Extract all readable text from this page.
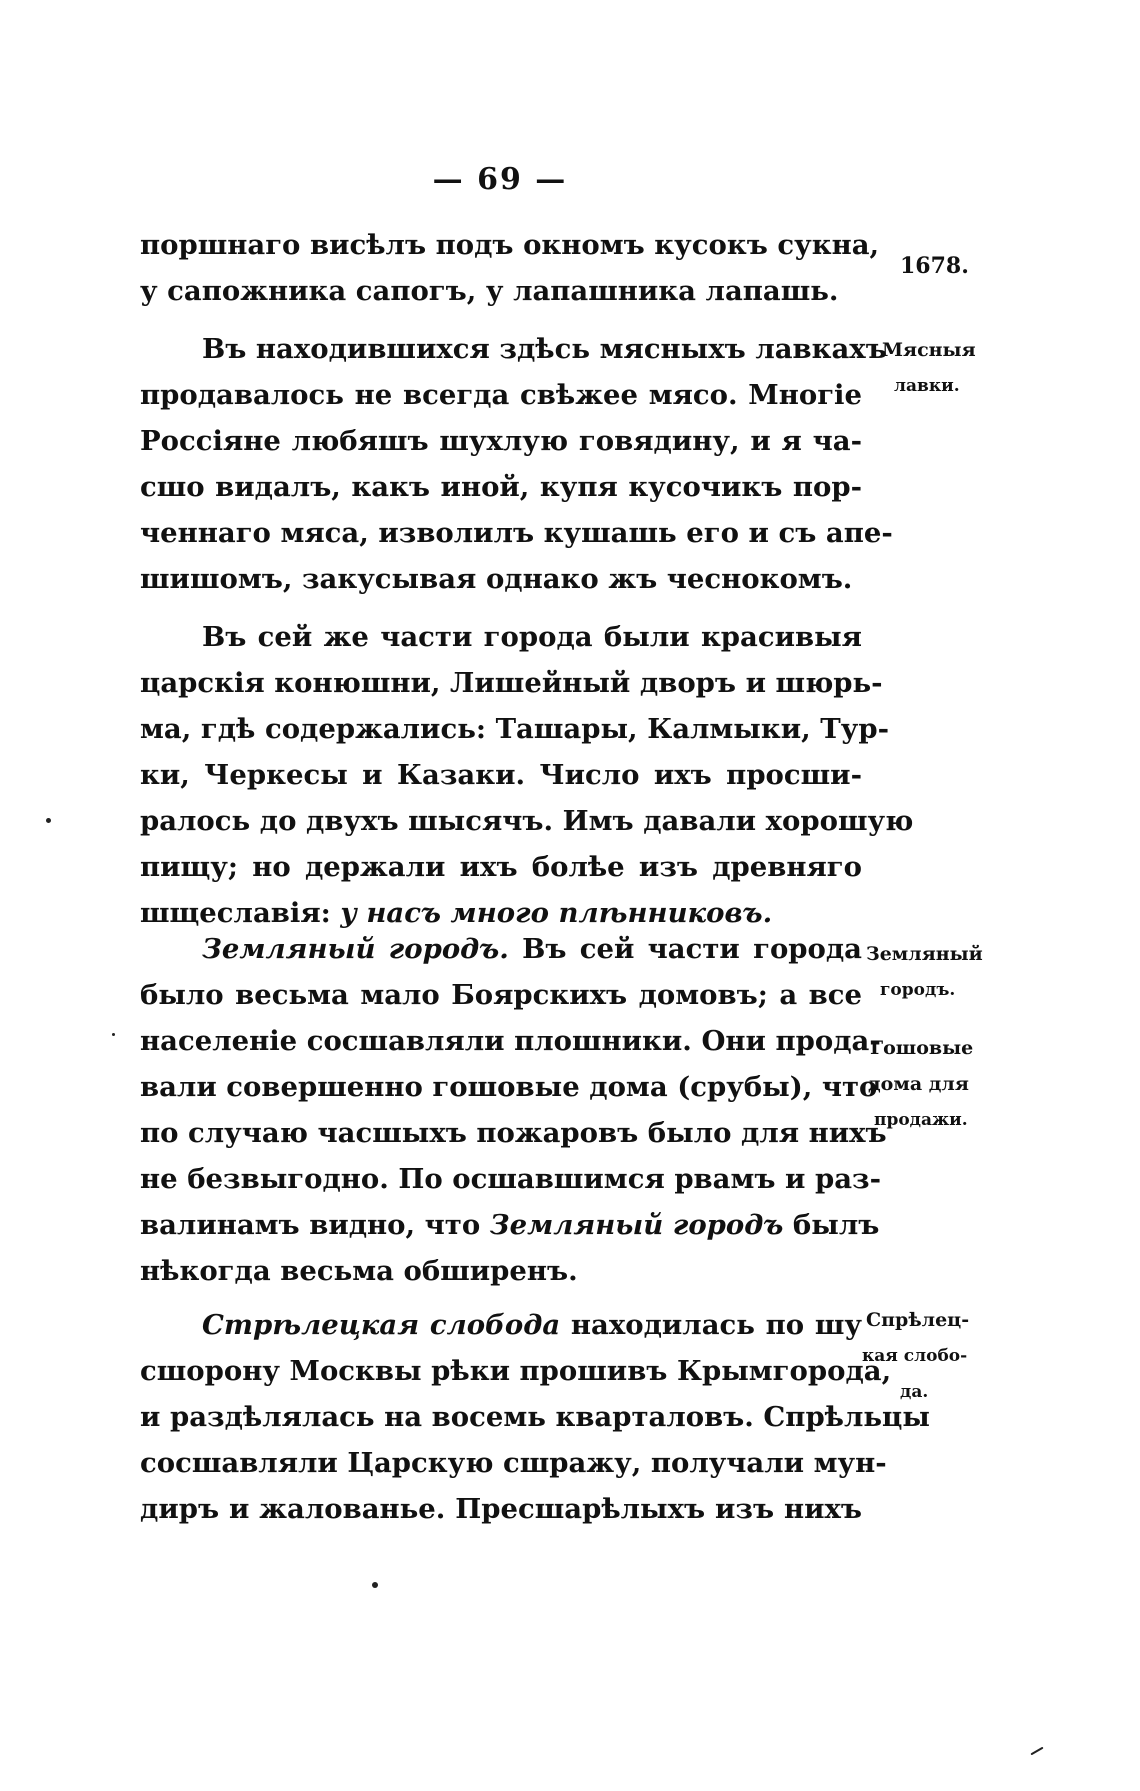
— 69 —
поршнаго висѣлъ подъ окномъ кусокъ сукна,
у сапожника сапогъ, у лапашника лапашь.
Въ находившихся здѣсь мясныхъ лавкахъ
продавалось не всегда свѣжее мясо. Многіе
Россіяне любяшъ шухлую говядину, и я ча-
сшо видалъ, какъ иной, купя кусочикъ пор-
ченнаго мяса, изволилъ кушашь его и съ апе-
шишомъ, закусывая однако жъ чеснокомъ.
Въ сей же части города были красивыя
царскія конюшни, Лишейный дворъ и шюрь-
ма, гдѣ содержались: Ташары, Калмыки, Тур-
ки, Черкесы и Казаки. Число ихъ просши-
ралось до двухъ шысячъ. Имъ давали хорошую
пищу; но держали ихъ болѣе изъ древняго
шщеславія: у насъ много плѣнниковъ.
Земляный городъ. Въ сей части города
было весьма мало Боярскихъ домовъ; а все
населеніе сосшавляли плошники. Они прода-
вали совершенно гошовые дома (срубы), что
по случаю часшыхъ пожаровъ было для нихъ
не безвыгодно. По осшавшимся рвамъ и раз-
валинамъ видно, что Земляный городъ былъ
нѣкогда весьма обширенъ.
Стрѣлецкая слобода находилась по шу
сшорону Москвы рѣки прошивъ Крымгорода,
и раздѣлялась на восемь кварталовъ. Спрѣльцы
сосшавляли Царскую сшражу, получали мун-
диръ и жалованье. Пресшарѣлыхъ изъ нихъ
1678.
Мясныя
лавки.
Земляный
городъ.
Гошовые
дома для
продажи.
Спрѣлец-
кая слобо-
да.
